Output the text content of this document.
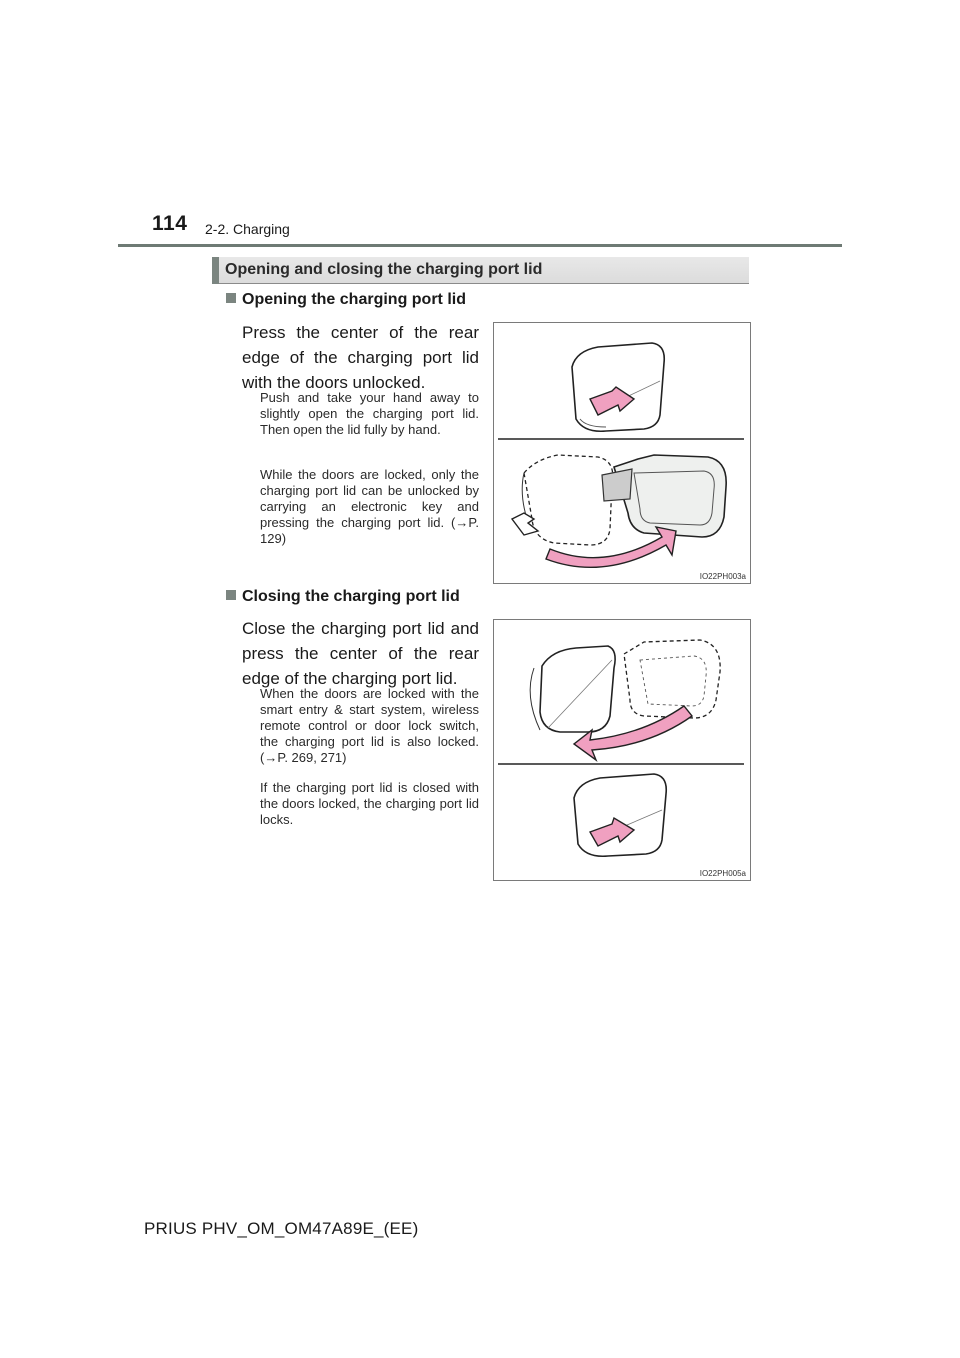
114 2-2. Charging
Opening and closing the charging port lid
Opening the charging port lid
Press the center of the rear edge of the charging port lid with the doors unlocked.
Push and take your hand away to slightly open the charging port lid. Then open the lid fully by hand.
While the doors are locked, only the charging port lid can be unlocked by carrying an electronic key and pressing the charging port lid. (→P. 129)
IO22PH003a
Closing the charging port lid
Close the charging port lid and press the center of the rear edge of the charging port lid.
When the doors are locked with the smart entry & start system, wireless remote control or door lock switch, the charging port lid is also locked. (→P. 269, 271)
If the charging port lid is closed with the doors locked, the charging port lid locks.
IO22PH005a
PRIUS PHV_OM_OM47A89E_(EE)
